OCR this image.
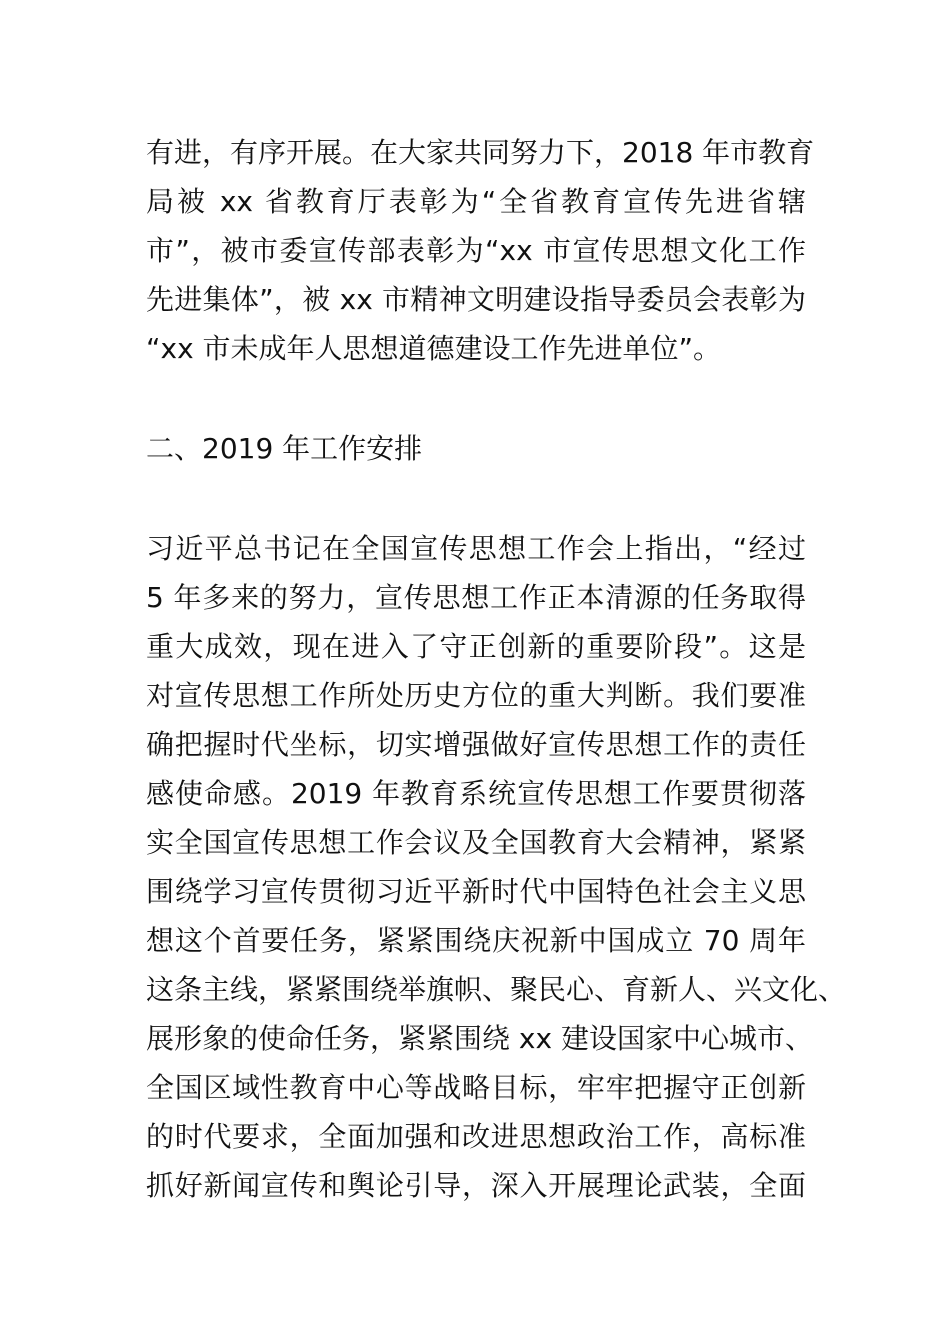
有进，有序开展。在大家共同努力下，2018 年市教育
局被 xx 省教育厅表彰为“全省教育宣传先进省辖
市”，被市委宣传部表彰为“xx 市宣传思想文化工作
先进集体”，被 xx 市精神文明建设指导委员会表彰为
“xx 市未成年人思想道德建设工作先进单位”。
二、2019 年工作安排
习近平总书记在全国宣传思想工作会上指出，“经过
5 年多来的努力，宣传思想工作正本清源的任务取得
重大成效，现在进入了守正创新的重要阶段”。这是
对宣传思想工作所处历史方位的重大判断。我们要准
确把握时代坐标，切实增强做好宣传思想工作的责任
感使命感。2019 年教育系统宣传思想工作要贯彻落
实全国宣传思想工作会议及全国教育大会精神，紧紧
围绕学习宣传贯彻习近平新时代中国特色社会主义思
想这个首要任务，紧紧围绕庆祝新中国成立 70 周年
这条主线，紧紧围绕举旗帜、聚民心、育新人、兴文化、
展形象的使命任务，紧紧围绕 xx 建设国家中心城市、
全国区域性教育中心等战略目标，牢牢把握守正创新
的时代要求，全面加强和改进思想政治工作，高标准
抓好新闻宣传和舆论引导，深入开展理论武装，全面
